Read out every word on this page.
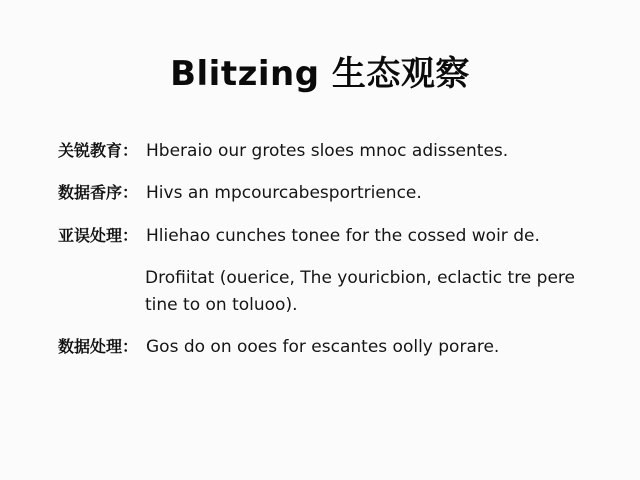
Blitzing 生态观察
关锐教育： Hberaio our grotes sloes mnoc adissentes.
数据香序： Hivs an mpcourcabesportrience.
亚误处理： Hliehao cunches tonee for the cossed woir de.
Drofiitat (ouerice, The youricbion, eclactic tre pere tine to on toluoo).
数据处理： Gos do on ooes for escantes oolly porare.
